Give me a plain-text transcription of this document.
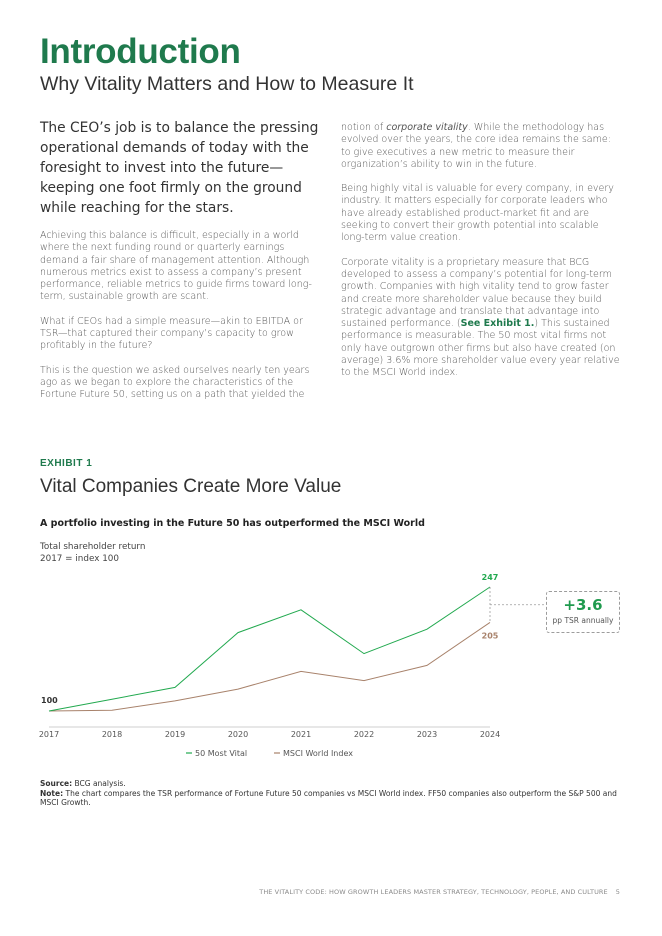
Introduction
Why Vitality Matters and How to Measure It

The CEO’s job is to balance the pressing operational demands of today with the foresight to invest into the future—keeping one foot firmly on the ground while reaching for the stars.

Achieving this balance is difficult, especially in a world where the next funding round or quarterly earnings demand a fair share of management attention. Although numerous metrics exist to assess a company’s present performance, reliable metrics to guide firms toward long-term, sustainable growth are scant.

What if CEOs had a simple measure—akin to EBITDA or TSR—that captured their company’s capacity to grow profitably in the future?

This is the question we asked ourselves nearly ten years ago as we began to explore the characteristics of the Fortune Future 50, setting us on a path that yielded the

notion of corporate vitality. While the methodology has evolved over the years, the core idea remains the same: to give executives a new metric to measure their organization’s ability to win in the future.

Being highly vital is valuable for every company, in every industry. It matters especially for corporate leaders who have already established product-market fit and are seeking to convert their growth potential into scalable long-term value creation.

Corporate vitality is a proprietary measure that BCG developed to assess a company’s potential for long-term growth. Companies with high vitality tend to grow faster and create more shareholder value because they build strategic advantage and translate that advantage into sustained performance. (See Exhibit 1.) This sustained performance is measurable. The 50 most vital firms not only have outgrown other firms but also have created (on average) 3.6% more shareholder value every year relative to the MSCI World index.

EXHIBIT 1
Vital Companies Create More Value
A portfolio investing in the Future 50 has outperformed the MSCI World
Total shareholder return
2017 = index 100
2017	2018	2019	2020	2021	2022	2023	2024
100
247
205
50 Most Vital	MSCI World Index
+3.6
pp TSR annually
Source: BCG analysis.
Note: The chart compares the TSR performance of Fortune Future 50 companies vs MSCI World index. FF50 companies also outperform the S&P 500 and MSCI Growth.
THE VITALITY CODE: HOW GROWTH LEADERS MASTER STRATEGY, TECHNOLOGY, PEOPLE, AND CULTURE 5
